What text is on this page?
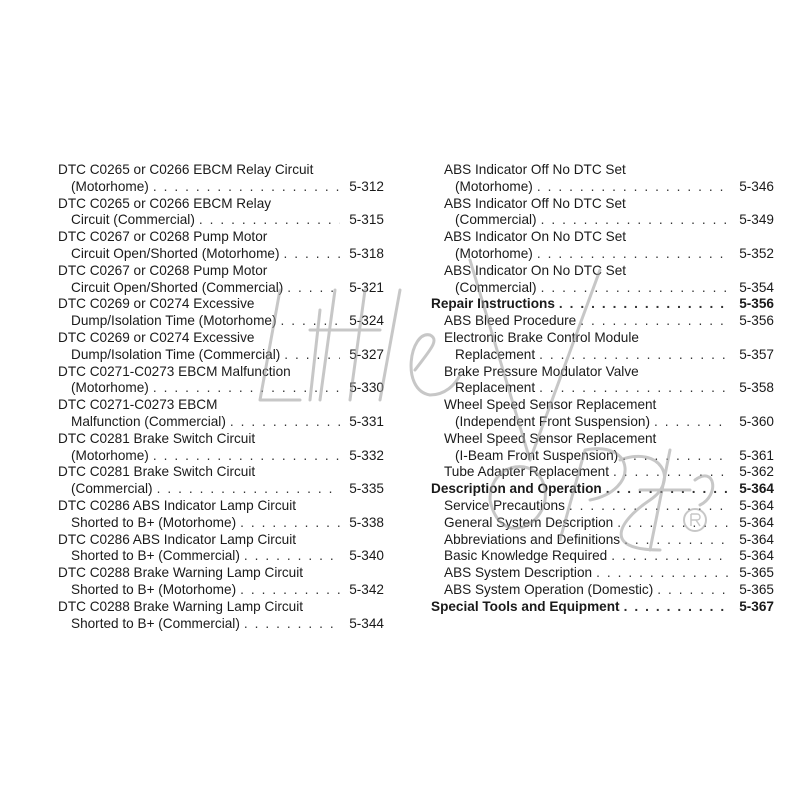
DTC C0265 or C0266 EBCM Relay Circuit
(Motorhome) . . .	5-312
DTC C0265 or C0266 EBCM Relay
Circuit (Commercial) . . .	5-315
DTC C0267 or C0268 Pump Motor
Circuit Open/Shorted (Motorhome) . . .	5-318
DTC C0267 or C0268 Pump Motor
Circuit Open/Shorted (Commercial) . . .	5-321
DTC C0269 or C0274 Excessive
Dump/Isolation Time (Motorhome) . . .	5-324
DTC C0269 or C0274 Excessive
Dump/Isolation Time (Commercial) . . .	5-327
DTC C0271-C0273 EBCM Malfunction
(Motorhome) . . .	5-330
DTC C0271-C0273 EBCM
Malfunction (Commercial) . . .	5-331
DTC C0281 Brake Switch Circuit
(Motorhome) . . .	5-332
DTC C0281 Brake Switch Circuit
(Commercial) . . .	5-335
DTC C0286 ABS Indicator Lamp Circuit
Shorted to B+ (Motorhome) . . .	5-338
DTC C0286 ABS Indicator Lamp Circuit
Shorted to B+ (Commercial) . . .	5-340
DTC C0288 Brake Warning Lamp Circuit
Shorted to B+ (Motorhome) . . .	5-342
DTC C0288 Brake Warning Lamp Circuit
Shorted to B+ (Commercial) . . .	5-344
ABS Indicator Off No DTC Set
(Motorhome) . . .	5-346
ABS Indicator Off No DTC Set
(Commercial) . . .	5-349
ABS Indicator On No DTC Set
(Motorhome) . . .	5-352
ABS Indicator On No DTC Set
(Commercial) . . .	5-354
Repair Instructions . . .	5-356
ABS Bleed Procedure . . .	5-356
Electronic Brake Control Module
Replacement . . .	5-357
Brake Pressure Modulator Valve
Replacement . . .	5-358
Wheel Speed Sensor Replacement
(Independent Front Suspension) . . .	5-360
Wheel Speed Sensor Replacement
(I-Beam Front Suspension) . . .	5-361
Tube Adapter Replacement . . .	5-362
Description and Operation . . .	5-364
Service Precautions . . .	5-364
General System Description . . .	5-364
Abbreviations and Definitions . . .	5-364
Basic Knowledge Required . . .	5-364
ABS System Description . . .	5-365
ABS System Operation (Domestic) . . .	5-365
Special Tools and Equipment . . .	5-367
